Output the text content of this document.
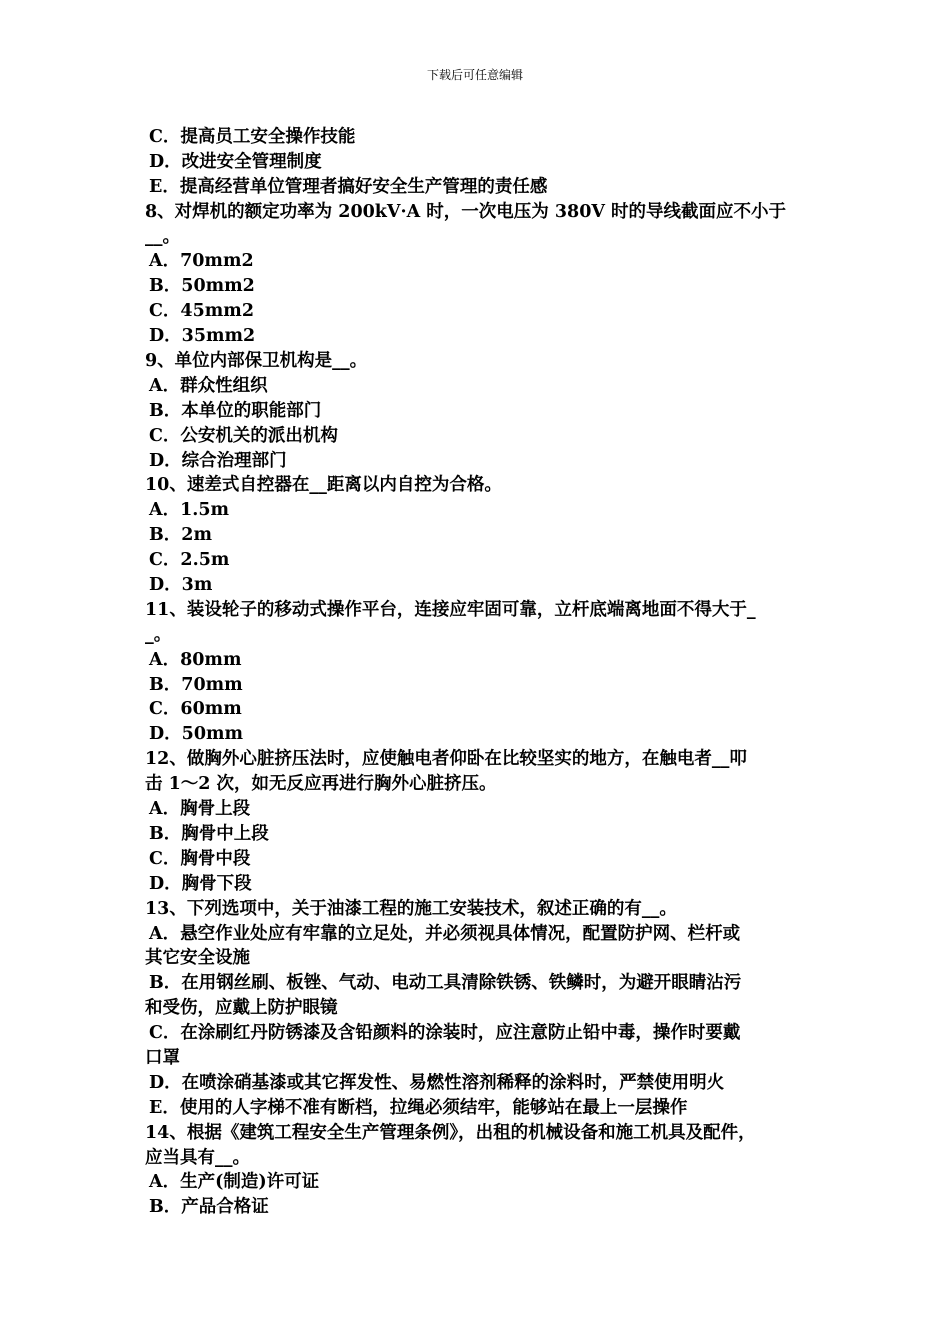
下载后可任意编辑
C．提高员工安全操作技能
D．改进安全管理制度
E．提高经营单位管理者搞好安全生产管理的责任感
8、对焊机的额定功率为 200kV·A 时，一次电压为 380V 时的导线截面应不小于
__。
A．70mm2
B．50mm2
C．45mm2
D．35mm2
9、单位内部保卫机构是__。
A．群众性组织
B．本单位的职能部门
C．公安机关的派出机构
D．综合治理部门
10、速差式自控器在__距离以内自控为合格。
A．1.5m
B．2m
C．2.5m
D．3m
11、装设轮子的移动式操作平台，连接应牢固可靠，立杆底端离地面不得大于_
_。
A．80mm
B．70mm
C．60mm
D．50mm
12、做胸外心脏挤压法时，应使触电者仰卧在比较坚实的地方，在触电者__叩
击 1～2 次，如无反应再进行胸外心脏挤压。
A．胸骨上段
B．胸骨中上段
C．胸骨中段
D．胸骨下段
13、下列选项中，关于油漆工程的施工安装技术，叙述正确的有__。
A．悬空作业处应有牢靠的立足处，并必须视具体情况，配置防护网、栏杆或
其它安全设施
B．在用钢丝刷、板锉、气动、电动工具清除铁锈、铁鳞时，为避开眼睛沾污
和受伤，应戴上防护眼镜
C．在涂刷红丹防锈漆及含铅颜料的涂装时，应注意防止铅中毒，操作时要戴
口罩
D．在喷涂硝基漆或其它挥发性、易燃性溶剂稀释的涂料时，严禁使用明火
E．使用的人字梯不准有断档，拉绳必须结牢，能够站在最上一层操作
14、根据《建筑工程安全生产管理条例》，出租的机械设备和施工机具及配件，
应当具有__。
A．生产(制造)许可证
B．产品合格证
